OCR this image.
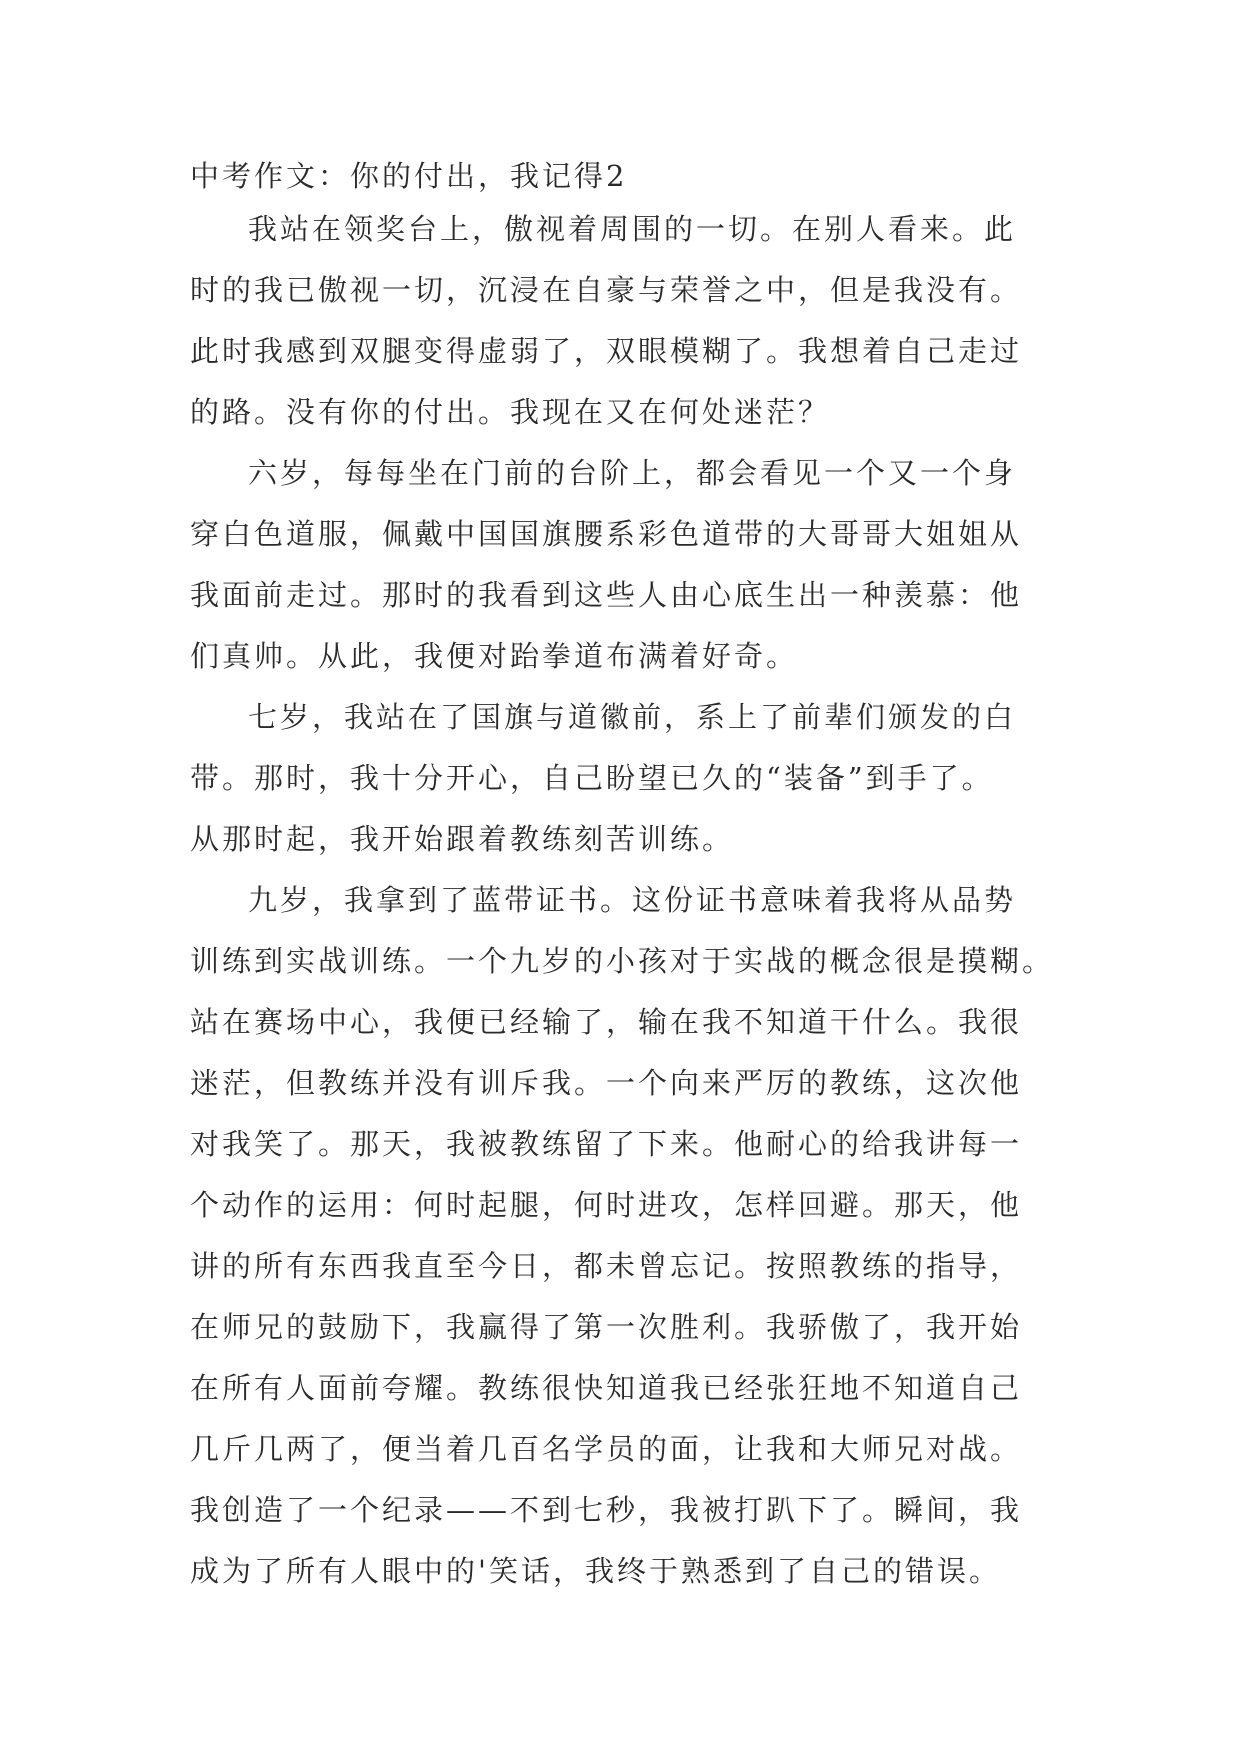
中考作文：你的付出，我记得2

我站在领奖台上，傲视着周围的一切。在别人看来。此
时的我已傲视一切，沉浸在自豪与荣誉之中，但是我没有。
此时我感到双腿变得虚弱了，双眼模糊了。我想着自己走过
的路。没有你的付出。我现在又在何处迷茫？

六岁，每每坐在门前的台阶上，都会看见一个又一个身
穿白色道服，佩戴中国国旗腰系彩色道带的大哥哥大姐姐从
我面前走过。那时的我看到这些人由心底生出一种羡慕：他
们真帅。从此，我便对跆拳道布满着好奇。

七岁，我站在了国旗与道徽前，系上了前辈们颁发的白
带。那时，我十分开心，自己盼望已久的“装备”到手了。
从那时起，我开始跟着教练刻苦训练。

九岁，我拿到了蓝带证书。这份证书意味着我将从品势
训练到实战训练。一个九岁的小孩对于实战的概念很是摸糊。
站在赛场中心，我便已经输了，输在我不知道干什么。我很
迷茫，但教练并没有训斥我。一个向来严厉的教练，这次他
对我笑了。那天，我被教练留了下来。他耐心的给我讲每一
个动作的运用：何时起腿，何时进攻，怎样回避。那天，他
讲的所有东西我直至今日，都未曾忘记。按照教练的指导，
在师兄的鼓励下，我赢得了第一次胜利。我骄傲了，我开始
在所有人面前夸耀。教练很快知道我已经张狂地不知道自己
几斤几两了，便当着几百名学员的面，让我和大师兄对战。
我创造了一个纪录——不到七秒，我被打趴下了。瞬间，我
成为了所有人眼中的'笑话，我终于熟悉到了自己的错误。
